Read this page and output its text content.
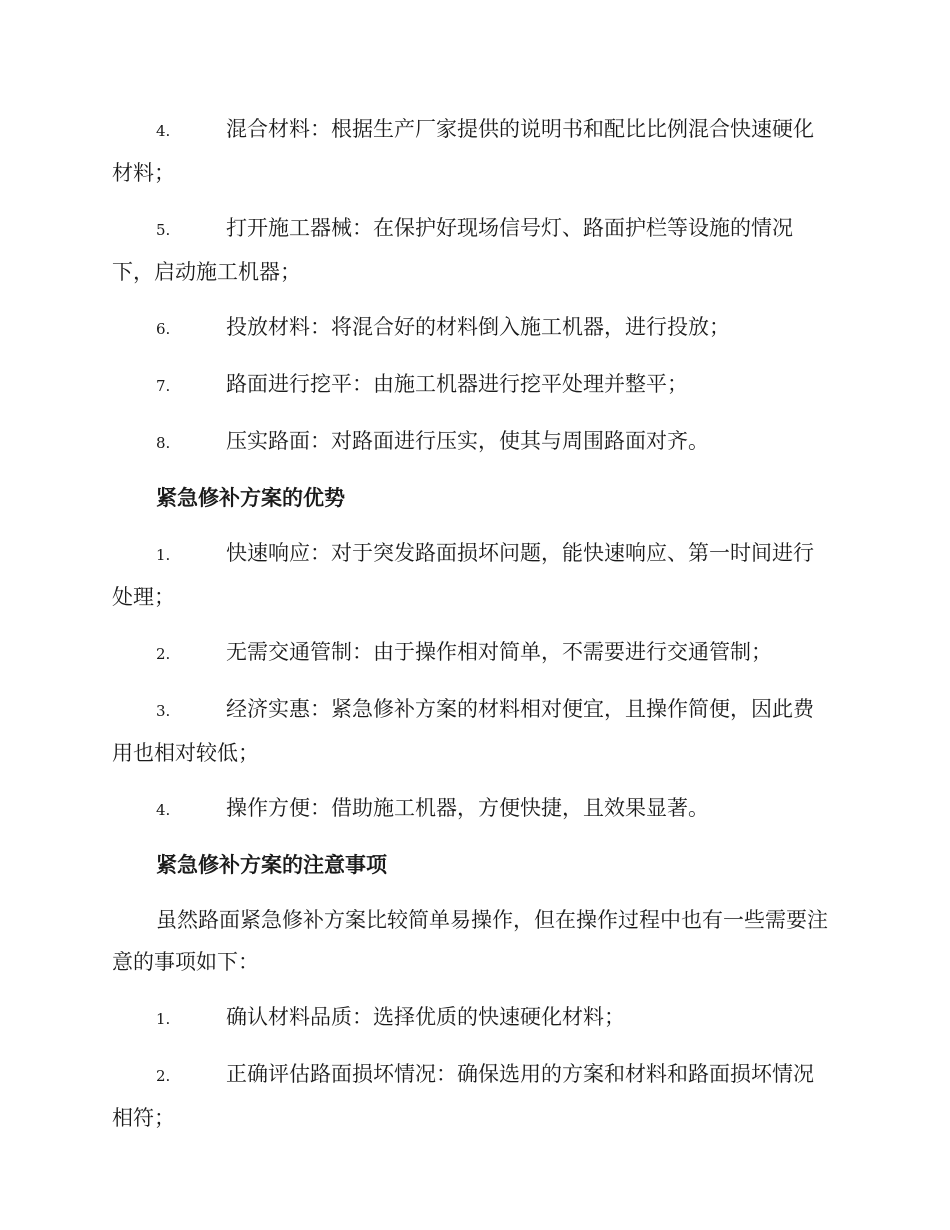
4.	混合材料：根据生产厂家提供的说明书和配比比例混合快速硬化材料；

5.	打开施工器械：在保护好现场信号灯、路面护栏等设施的情况下，启动施工机器；

6.	投放材料：将混合好的材料倒入施工机器，进行投放；

7.	路面进行挖平：由施工机器进行挖平处理并整平；

8.	压实路面：对路面进行压实，使其与周围路面对齐。

紧急修补方案的优势

1.	快速响应：对于突发路面损坏问题，能快速响应、第一时间进行处理；

2.	无需交通管制：由于操作相对简单，不需要进行交通管制；

3.	经济实惠：紧急修补方案的材料相对便宜，且操作简便，因此费用也相对较低；

4.	操作方便：借助施工机器，方便快捷，且效果显著。

紧急修补方案的注意事项

虽然路面紧急修补方案比较简单易操作，但在操作过程中也有一些需要注意的事项如下：

1.	确认材料品质：选择优质的快速硬化材料；

2.	正确评估路面损坏情况：确保选用的方案和材料和路面损坏情况相符；
